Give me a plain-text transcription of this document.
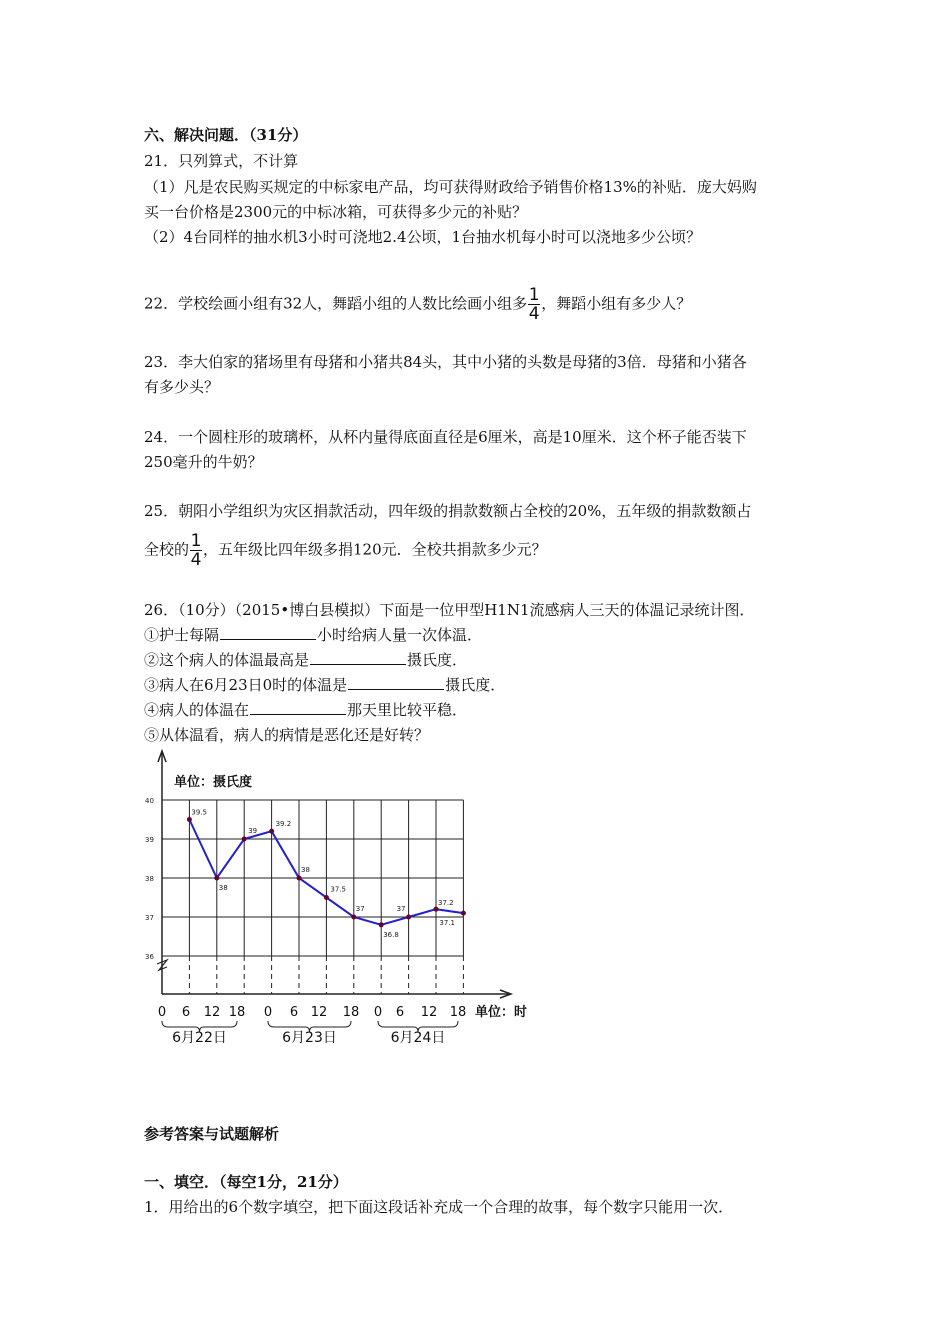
六、解决问题．（31分）
21．只列算式，不计算
（1）凡是农民购买规定的中标家电产品，均可获得财政给予销售价格13%的补贴．庞大妈购
买一台价格是2300元的中标冰箱，可获得多少元的补贴？
（2）4台同样的抽水机3小时可浇地2.4公顷，1台抽水机每小时可以浇地多少公顷？
22．学校绘画小组有32人，舞蹈小组的人数比绘画小组多 $\frac{1}{4}$ ，舞蹈小组有多少人？
23．李大伯家的猪场里有母猪和小猪共84头，其中小猪的头数是母猪的3倍．母猪和小猪各
有多少头？
24．一个圆柱形的玻璃杯，从杯内量得底面直径是6厘米，高是10厘米．这个杯子能否装下
250毫升的牛奶？
25．朝阳小学组织为灾区捐款活动，四年级的捐款数额占全校的20%，五年级的捐款数额占
全校的 $\frac{1}{4}$ ，五年级比四年级多捐120元．全校共捐款多少元？
26．（10分）（2015•博白县模拟）下面是一位甲型H1N1流感病人三天的体温记录统计图．
①护士每隔	小时给病人量一次体温．
②这个病人的体温最高是	摄氏度．
③病人在6月23日0时的体温是	摄氏度．
④病人的体温在	那天里比较平稳．
⑤从体温看，病人的病情是恶化还是好转？
单位：摄氏度
单位：时
36
37
38
39
40
0 6 12 18 0 6 12 18 0 6 12 18
6月22日	6月23日	6月24日
39.5
38
39
39.2
38
37.5
37
36.8
37
37.2
37.1
参考答案与试题解析
一、填空．（每空1分，21分）
1．用给出的6个数字填空，把下面这段话补充成一个合理的故事，每个数字只能用一次．
